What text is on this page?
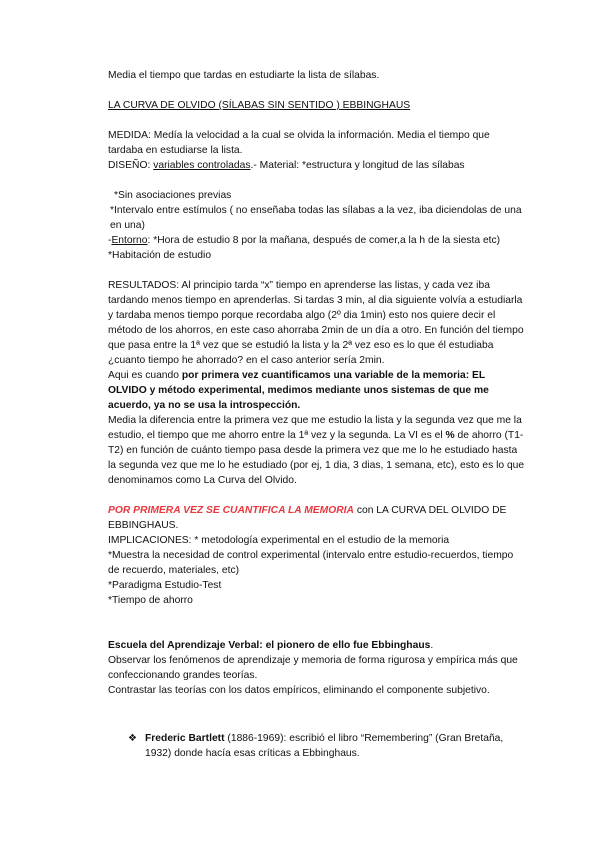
Media el tiempo que tardas en estudiarte la lista de sílabas.

LA CURVA DE OLVIDO (SÍLABAS SIN SENTIDO ) EBBINGHAUS

MEDIDA: Medía la velocidad a la cual se olvida la información. Media el tiempo que tardaba en estudiarse la lista.

DISEÑO: variables controladas.- Material: *estructura y longitud de las sílabas

*Sin asociaciones previas

*Intervalo entre estímulos ( no enseñaba todas las sílabas a la vez, iba diciendolas de una en una)

-Entorno: *Hora de estudio 8 por la mañana, después de comer,a la h de la siesta etc) *Habitación de estudio

RESULTADOS: Al principio tarda “x” tiempo en aprenderse las listas, y cada vez iba tardando menos tiempo en aprenderlas. Si tardas 3 min, al dia siguiente volvía a estudiarla y tardaba menos tiempo porque recordaba algo (2º dia 1min) esto nos quiere decir el método de los ahorros, en este caso ahorraba 2min de un día a otro. En función del tiempo que pasa entre la 1ª vez que se estudió la lista y la 2ª vez eso es lo que él estudiaba ¿cuanto tiempo he ahorrado? en el caso anterior sería 2min.

Aqui es cuando por primera vez cuantificamos una variable de la memoria: EL OLVIDO y método experimental, medimos mediante unos sistemas de que me acuerdo, ya no se usa la introspección.

Media la diferencia entre la primera vez que me estudio la lista y la segunda vez que me la estudio, el tiempo que me ahorro entre la 1ª vez y la segunda. La VI es el % de ahorro (T1-T2) en función de cuánto tiempo pasa desde la primera vez que me lo he estudiado hasta la segunda vez que me lo he estudiado (por ej, 1 dia, 3 dias, 1 semana, etc), esto es lo que denominamos como La Curva del Olvido.

POR PRIMERA VEZ SE CUANTIFICA LA MEMORIA con LA CURVA DEL OLVIDO DE EBBINGHAUS.

IMPLICACIONES: * metodología experimental en el estudio de la memoria

*Muestra la necesidad de control experimental (intervalo entre estudio-recuerdos, tiempo de recuerdo, materiales, etc)

*Paradigma Estudio-Test

*Tiempo de ahorro

Escuela del Aprendizaje Verbal: el pionero de ello fue Ebbinghaus.

Observar los fenómenos de aprendizaje y memoria de forma rigurosa y empírica más que confeccionando grandes teorías.

Contrastar las teorías con los datos empíricos, eliminando el componente subjetivo.

❖ Frederic Bartlett (1886-1969): escribió el libro “Remembering” (Gran Bretaña, 1932) donde hacía esas críticas a Ebbinghaus.
